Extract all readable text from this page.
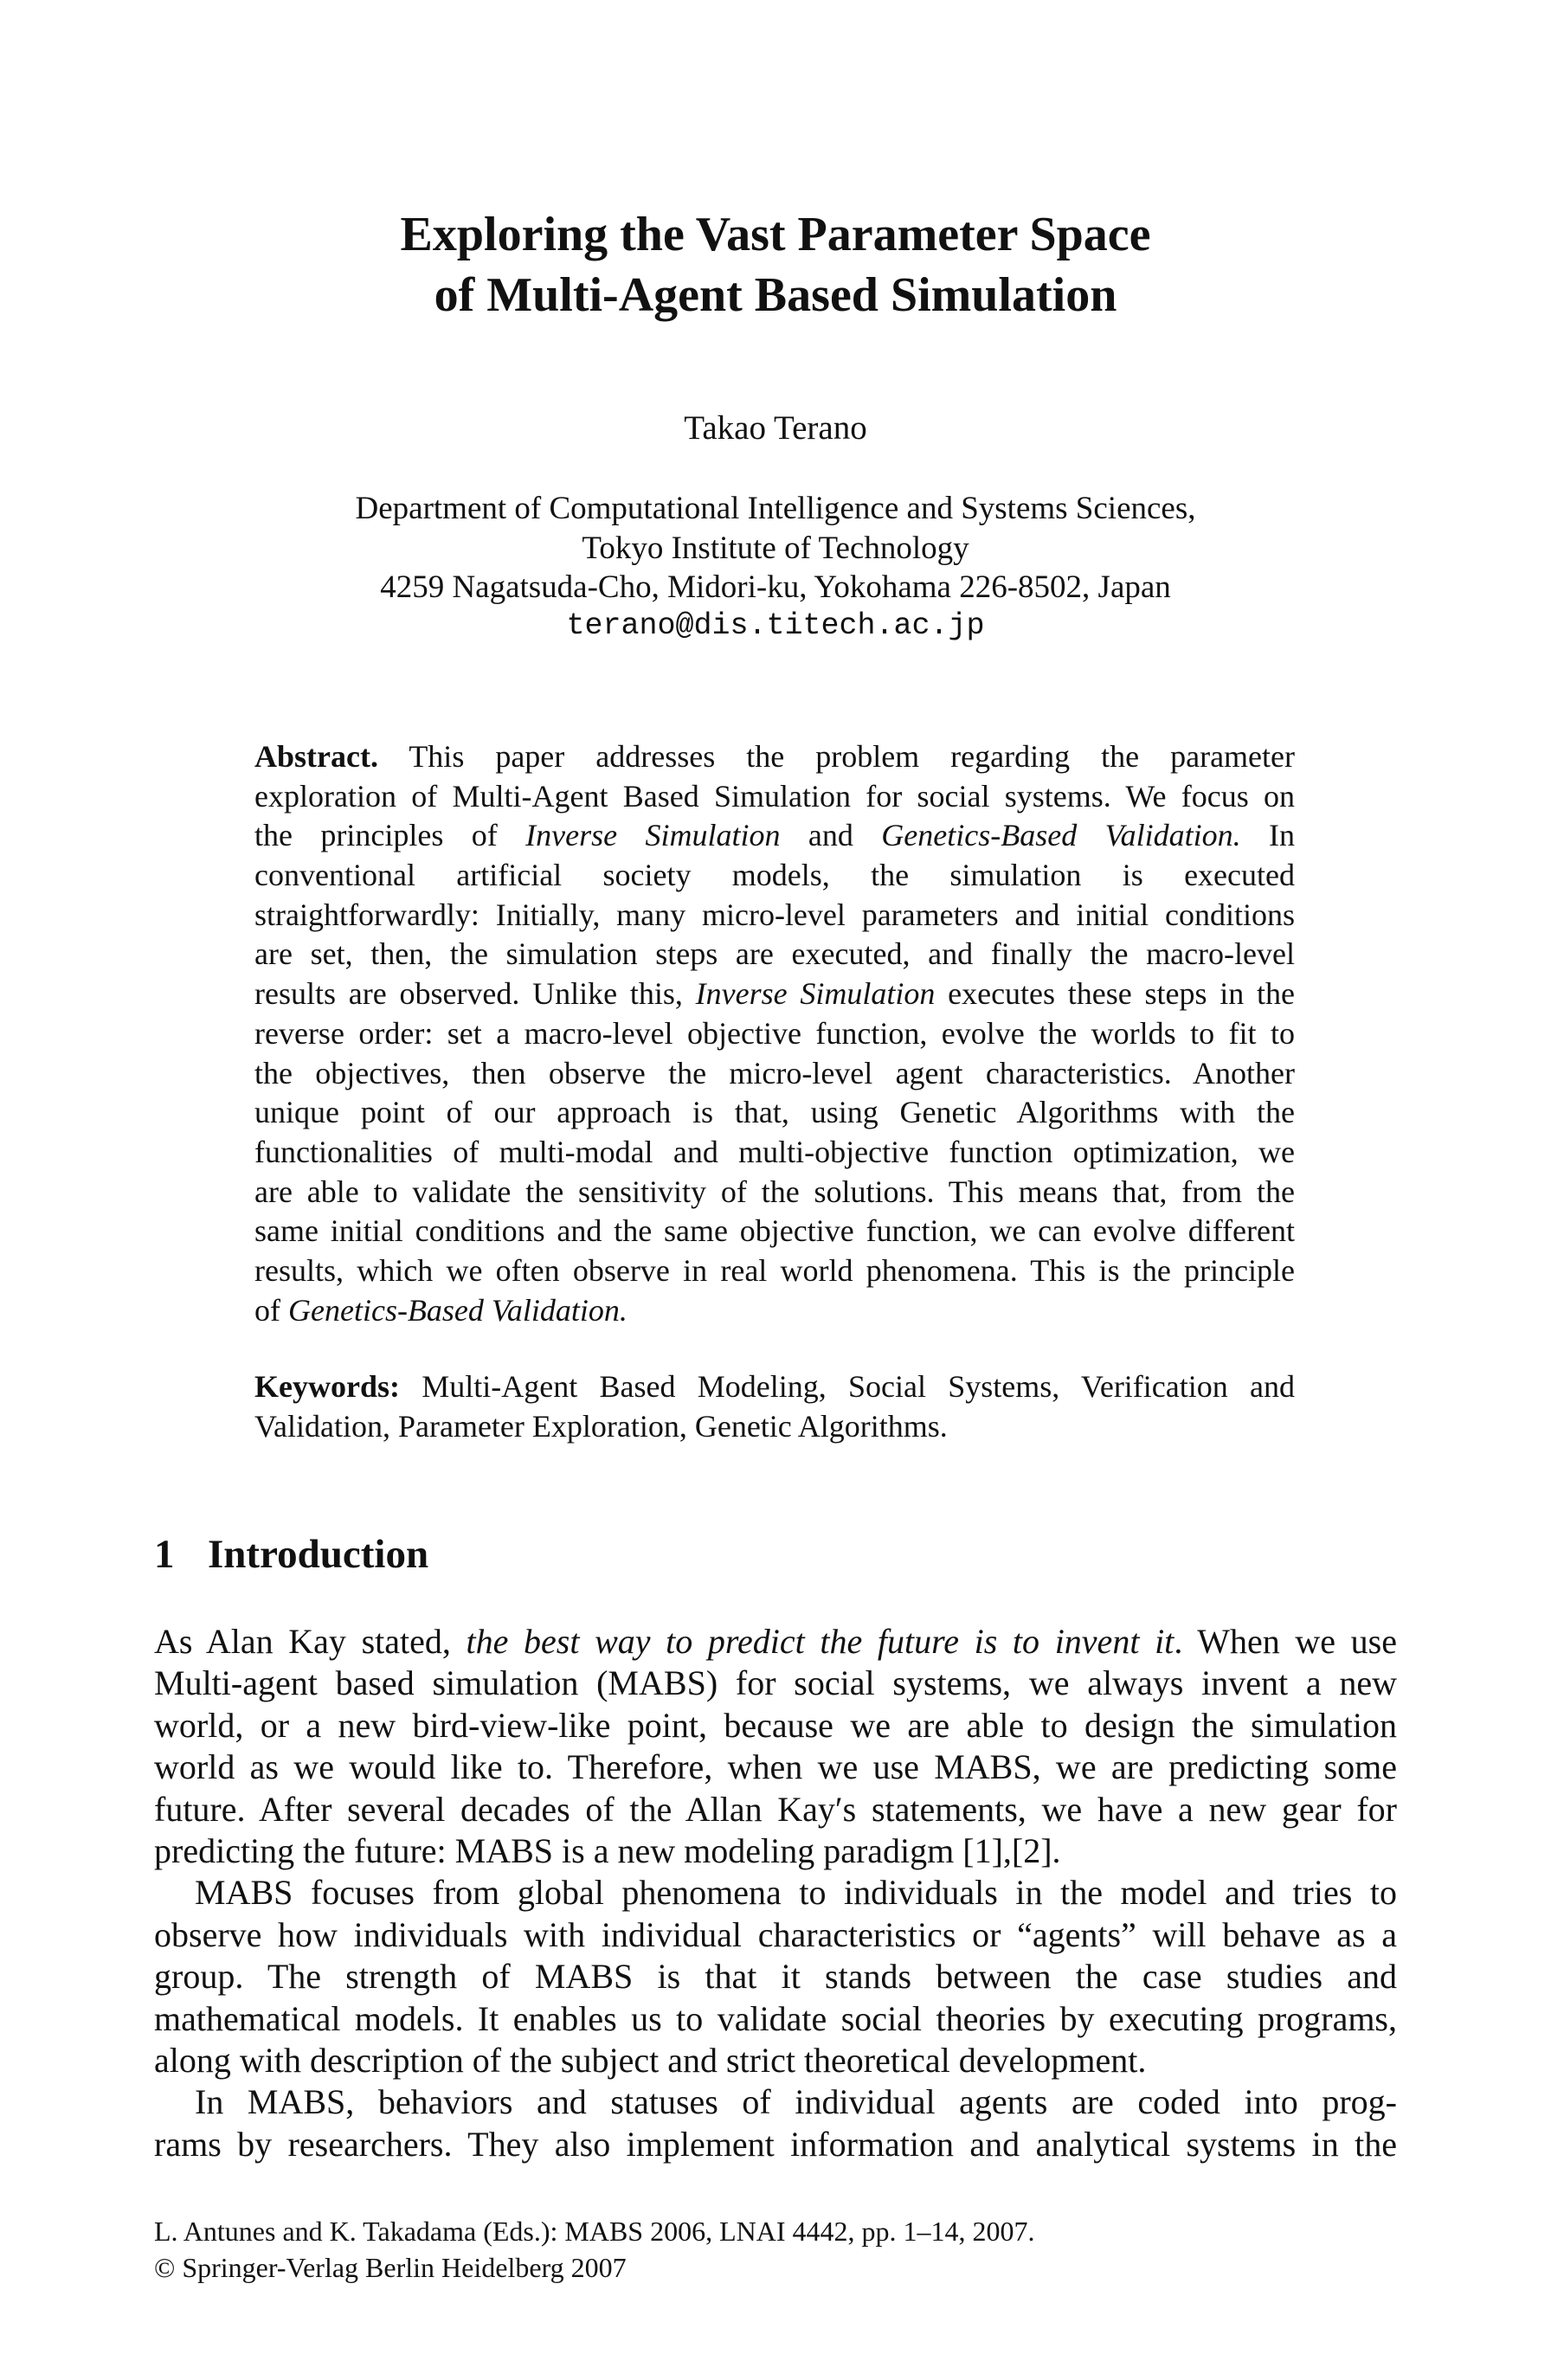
Exploring the Vast Parameter Space
of Multi-Agent Based Simulation
Takao Terano
Department of Computational Intelligence and Systems Sciences,
Tokyo Institute of Technology
4259 Nagatsuda-Cho, Midori-ku, Yokohama 226-8502, Japan
terano@dis.titech.ac.jp
Abstract. This paper addresses the problem regarding the parameter
exploration of Multi-Agent Based Simulation for social systems. We focus on
the principles of Inverse Simulation and Genetics-Based Validation. In
conventional artificial society models, the simulation is executed
straightforwardly: Initially, many micro-level parameters and initial conditions
are set, then, the simulation steps are executed, and finally the macro-level
results are observed. Unlike this, Inverse Simulation executes these steps in the
reverse order: set a macro-level objective function, evolve the worlds to fit to
the objectives, then observe the micro-level agent characteristics. Another
unique point of our approach is that, using Genetic Algorithms with the
functionalities of multi-modal and multi-objective function optimization, we
are able to validate the sensitivity of the solutions. This means that, from the
same initial conditions and the same objective function, we can evolve different
results, which we often observe in real world phenomena. This is the principle
of Genetics-Based Validation.
Keywords: Multi-Agent Based Modeling, Social Systems, Verification and
Validation, Parameter Exploration, Genetic Algorithms.
1 Introduction
As Alan Kay stated, the best way to predict the future is to invent it. When we use
Multi-agent based simulation (MABS) for social systems, we always invent a new
world, or a new bird-view-like point, because we are able to design the simulation
world as we would like to. Therefore, when we use MABS, we are predicting some
future. After several decades of the Allan Kay′s statements, we have a new gear for
predicting the future: MABS is a new modeling paradigm [1],[2].
MABS focuses from global phenomena to individuals in the model and tries to
observe how individuals with individual characteristics or “agents” will behave as a
group. The strength of MABS is that it stands between the case studies and
mathematical models. It enables us to validate social theories by executing programs,
along with description of the subject and strict theoretical development.
In MABS, behaviors and statuses of individual agents are coded into prog-
rams by researchers. They also implement information and analytical systems in the
L. Antunes and K. Takadama (Eds.): MABS 2006, LNAI 4442, pp. 1–14, 2007.
© Springer-Verlag Berlin Heidelberg 2007
